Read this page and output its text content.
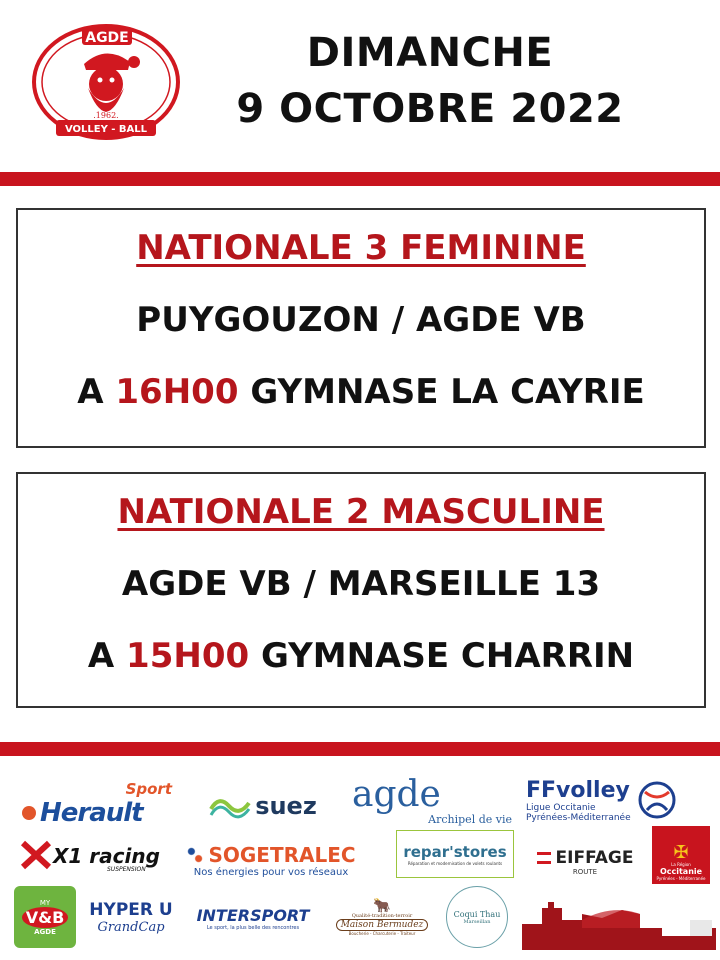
AGDE
.1962.
VOLLEY - BALL
DIMANCHE
9 OCTOBRE 2022
NATIONALE 3 FEMININE
PUYGOUZON / AGDE VB
A 16H00 GYMNASE LA CAYRIE
NATIONALE 2 MASCULINE
AGDE VB / MARSEILLE 13
A 15H00 GYMNASE CHARRIN
Sport
Herault	suez agde
Archipel de vie
FFvolley
Ligue Occitanie
Pyrénées-Méditerranée
X1 racing
SUSPENSION
SOGETRALEC
Nos énergies pour vos réseaux
repar'stores
Réparation et modernisation de volets roulants	EIFFAGE
ROUTE
✠
La Région
Occitanie
Pyrénées - Méditerranée
MY
V&B
AGDE
HYPER U
GrandCap
INTERSPORT
Le sport, la plus belle des rencontres
🐂
Qualité-tradition-terroir
Maison Bermudez
Boucherie - Charcuterie - Traiteur
Coqui Thau
Marseillan
